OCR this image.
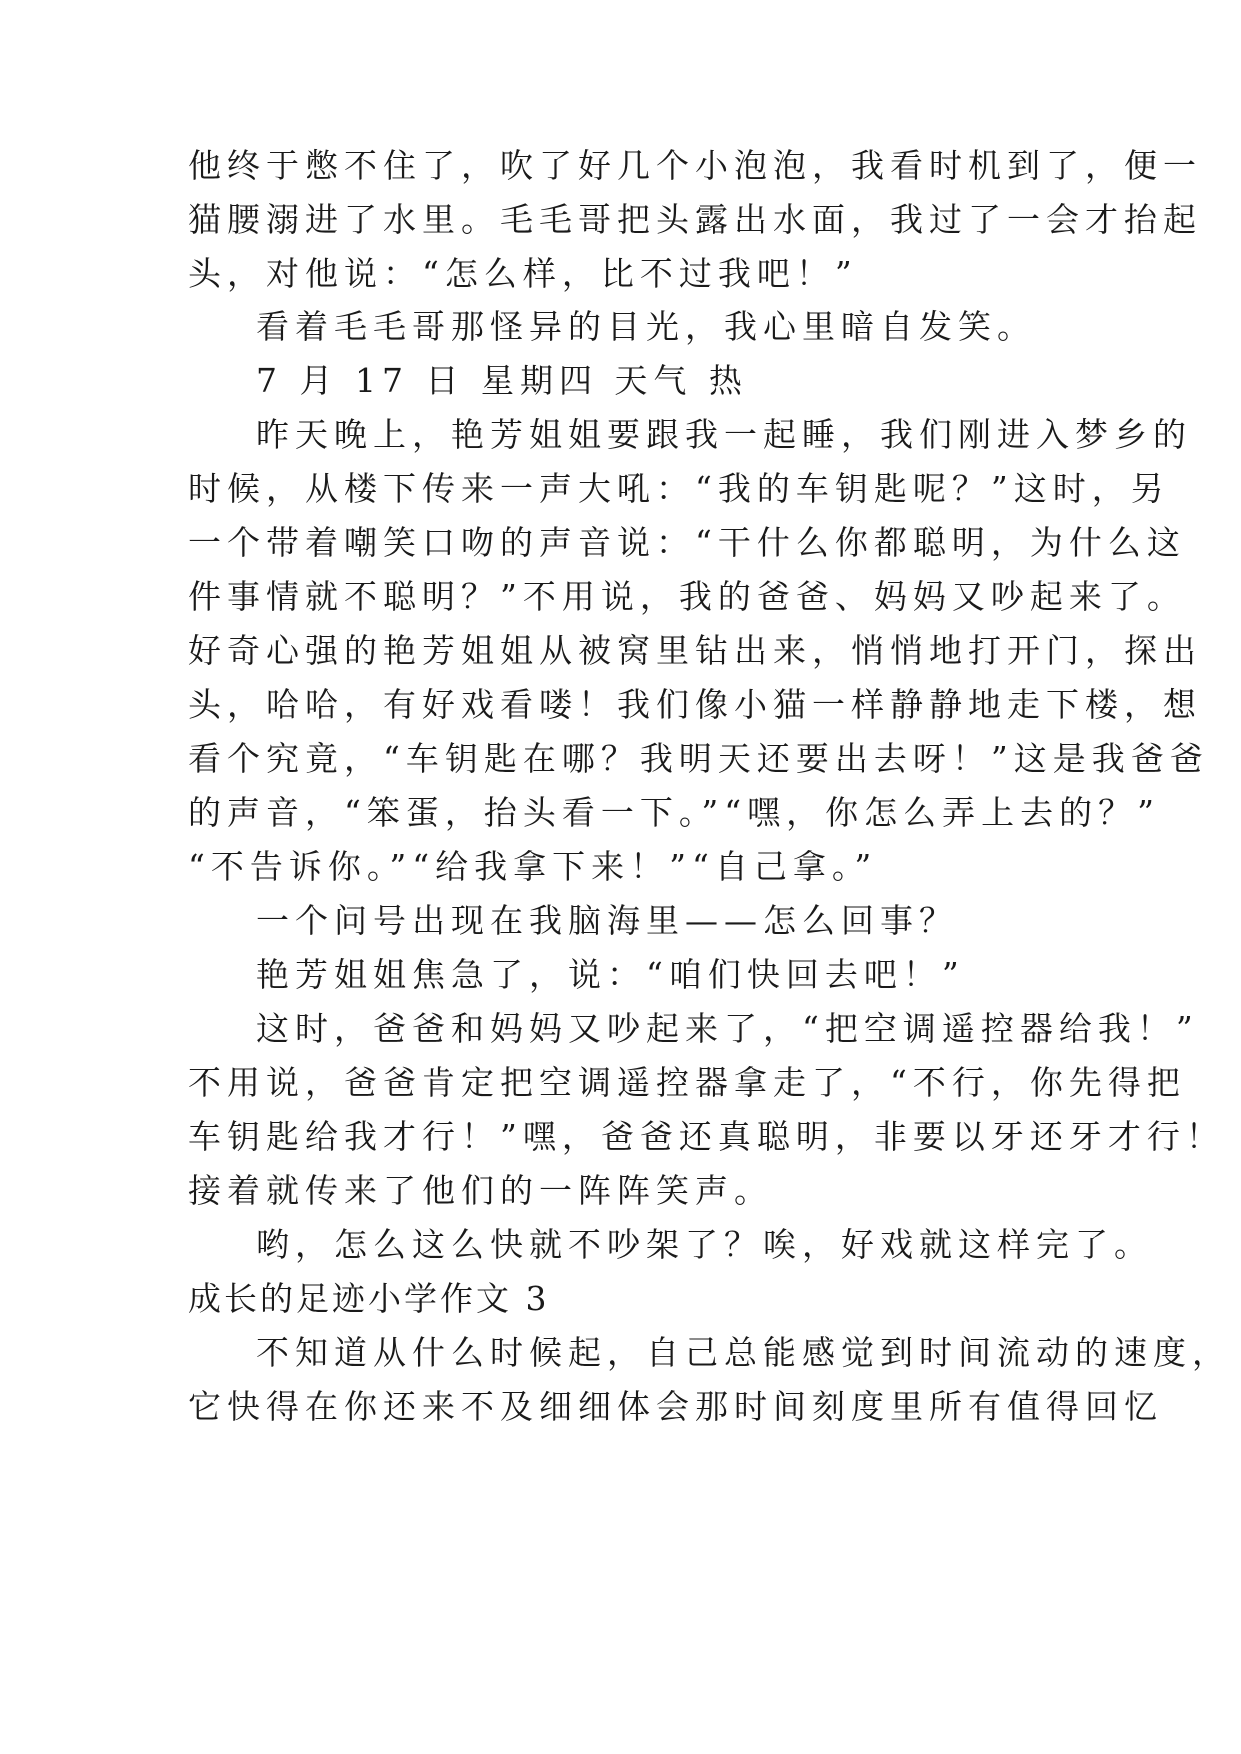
他终于憋不住了，吹了好几个小泡泡，我看时机到了，便一
猫腰溺进了水里。毛毛哥把头露出水面，我过了一会才抬起
头，对他说：“怎么样，比不过我吧！”
看着毛毛哥那怪异的目光，我心里暗自发笑。
7 月 17 日 星期四 天气 热
昨天晚上，艳芳姐姐要跟我一起睡，我们刚进入梦乡的
时候，从楼下传来一声大吼：“我的车钥匙呢？”这时，另
一个带着嘲笑口吻的声音说：“干什么你都聪明，为什么这
件事情就不聪明？”不用说，我的爸爸、妈妈又吵起来了。
好奇心强的艳芳姐姐从被窝里钻出来，悄悄地打开门，探出
头，哈哈，有好戏看喽！我们像小猫一样静静地走下楼，想
看个究竟，“车钥匙在哪？我明天还要出去呀！”这是我爸爸
的声音，“笨蛋，抬头看一下。”“嘿，你怎么弄上去的？”
“不告诉你。”“给我拿下来！”“自己拿。”
一个问号出现在我脑海里——怎么回事？
艳芳姐姐焦急了，说：“咱们快回去吧！”
这时，爸爸和妈妈又吵起来了，“把空调遥控器给我！”
不用说，爸爸肯定把空调遥控器拿走了，“不行，你先得把
车钥匙给我才行！”嘿，爸爸还真聪明，非要以牙还牙才行！
接着就传来了他们的一阵阵笑声。
哟，怎么这么快就不吵架了？唉，好戏就这样完了。
成长的足迹小学作文 3
不知道从什么时候起，自己总能感觉到时间流动的速度，
它快得在你还来不及细细体会那时间刻度里所有值得回忆
